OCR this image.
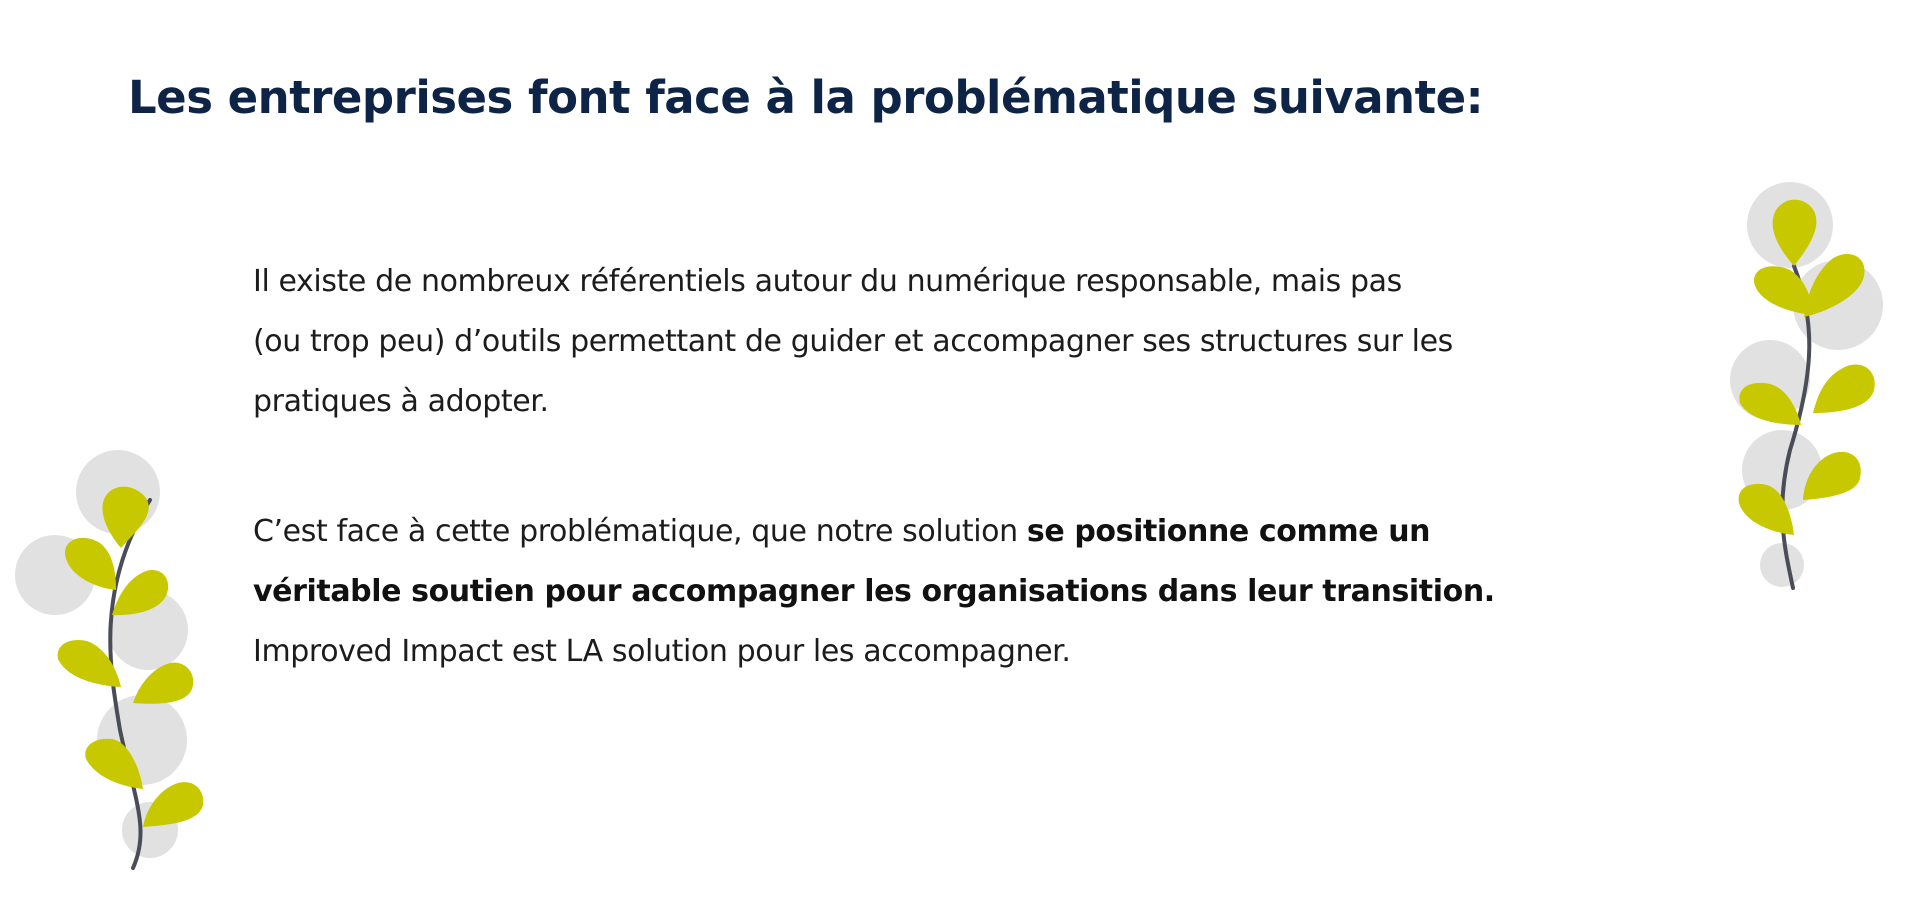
Les entreprises font face à la problématique suivante:

Il existe de nombreux référentiels autour du numérique responsable, mais pas
(ou trop peu) d’outils permettant de guider et accompagner ses structures sur les
pratiques à adopter.

C’est face à cette problématique, que notre solution se positionne comme un
véritable soutien pour accompagner les organisations dans leur transition.
Improved Impact est LA solution pour les accompagner.
